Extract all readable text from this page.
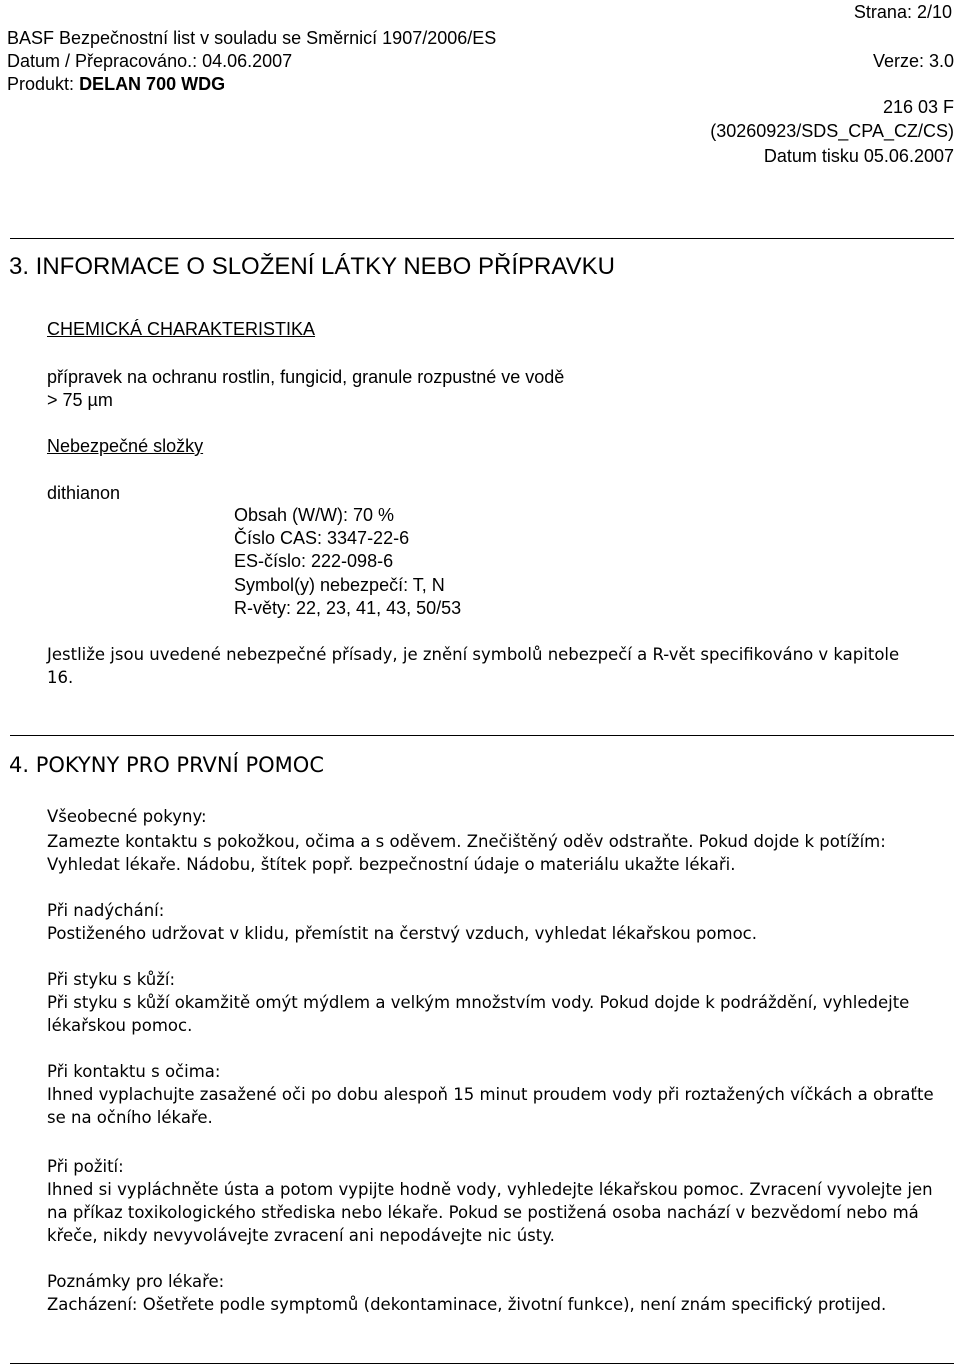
Strana: 2/10
BASF Bezpečnostní list v souladu se Směrnicí 1907/2006/ES
Datum / Přepracováno.: 04.06.2007	Verze: 3.0
Produkt: DELAN 700 WDG
216 03 F
(30260923/SDS_CPA_CZ/CS)
Datum tisku 05.06.2007
3. INFORMACE O SLOŽENÍ LÁTKY NEBO PŘÍPRAVKU
CHEMICKÁ CHARAKTERISTIKA
přípravek na ochranu rostlin, fungicid, granule rozpustné ve vodě
> 75 µm
Nebezpečné složky
dithianon
Obsah (W/W): 70 %
Číslo CAS: 3347-22-6
ES-číslo: 222-098-6
Symbol(y) nebezpečí: T, N
R-věty: 22, 23, 41, 43, 50/53
Jestliže jsou uvedené nebezpečné přísady, je znění symbolů nebezpečí a R-vět specifikováno v kapitole 16.
4. POKYNY PRO PRVNÍ POMOC
Všeobecné pokyny:
Zamezte kontaktu s pokožkou, očima a s oděvem. Znečištěný oděv odstraňte. Pokud dojde k potížím: Vyhledat lékaře. Nádobu, štítek popř. bezpečnostní údaje o materiálu ukažte lékaři.
Při nadýchání:
Postiženého udržovat v klidu, přemístit na čerstvý vzduch, vyhledat lékařskou pomoc.
Při styku s kůží:
Při styku s kůží okamžitě omýt mýdlem a velkým množstvím vody. Pokud dojde k podráždění, vyhledejte lékařskou pomoc.
Při kontaktu s očima:
Ihned vyplachujte zasažené oči po dobu alespoň 15 minut proudem vody při roztažených víčkách a obraťte se na očního lékaře.
Při požití:
Ihned si vypláchněte ústa a potom vypijte hodně vody, vyhledejte lékařskou pomoc. Zvracení vyvolejte jen na příkaz toxikologického střediska nebo lékaře. Pokud se postižená osoba nachází v bezvědomí nebo má křeče, nikdy nevyvolávejte zvracení ani nepodávejte nic ústy.
Poznámky pro lékaře:
Zacházení: Ošetřete podle symptomů (dekontaminace, životní funkce), není znám specifický protijed.
